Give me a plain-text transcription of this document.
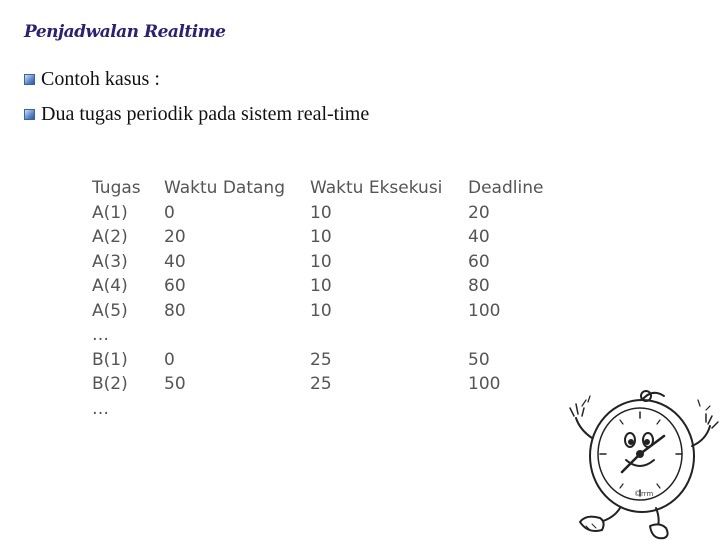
Penjadwalan Realtime
Contoh kasus :
Dua tugas periodik pada sistem real-time
Tugas	Waktu Datang	Waktu Eksekusi	Deadline
A(1)	0	10	20
A(2)	20	10	40
A(3)	40	10	60
A(4)	60	10	80
A(5)	80	10	100
…			
B(1)	0	25	50
B(2)	50	25	100
…			
©rrm
